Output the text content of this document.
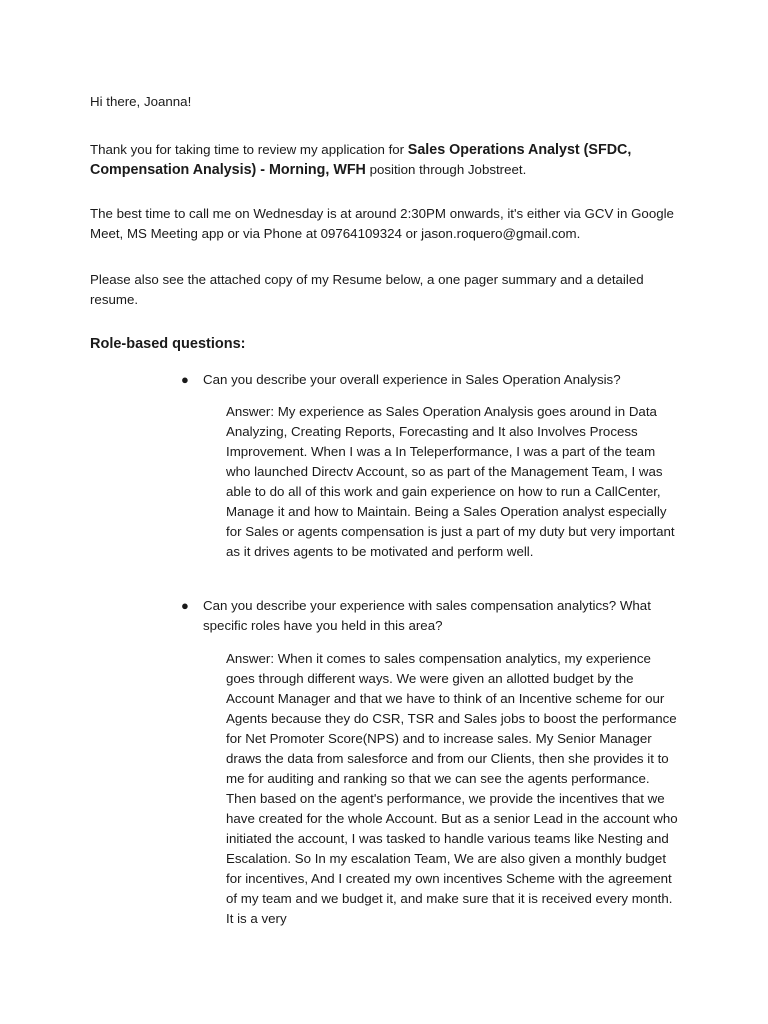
Hi there, Joanna!

Thank you for taking time to review my application for Sales Operations Analyst (SFDC, Compensation Analysis) - Morning, WFH position through Jobstreet.

The best time to call me on Wednesday is at around 2:30PM onwards, it's either via GCV in Google Meet, MS Meeting app or via Phone at 09764109324 or jason.roquero@gmail.com.

Please also see the attached copy of my Resume below, a one pager summary and a detailed resume.

Role-based questions:

● Can you describe your overall experience in Sales Operation Analysis?

Answer: My experience as Sales Operation Analysis goes around in Data Analyzing, Creating Reports, Forecasting and It also Involves Process Improvement. When I was a In Teleperformance, I was a part of the team who launched Directv Account, so as part of the Management Team, I was able to do all of this work and gain experience on how to run a CallCenter, Manage it and how to Maintain. Being a Sales Operation analyst especially for Sales or agents compensation is just a part of my duty but very important as it drives agents to be motivated and perform well.

● Can you describe your experience with sales compensation analytics? What specific roles have you held in this area?

Answer: When it comes to sales compensation analytics, my experience goes through different ways. We were given an allotted budget by the Account Manager and that we have to think of an Incentive scheme for our Agents because they do CSR, TSR and Sales jobs to boost the performance for Net Promoter Score(NPS) and to increase sales. My Senior Manager draws the data from salesforce and from our Clients, then she provides it to me for auditing and ranking so that we can see the agents performance. Then based on the agent's performance, we provide the incentives that we have created for the whole Account. But as a senior Lead in the account who initiated the account, I was tasked to handle various teams like Nesting and Escalation. So In my escalation Team, We are also given a monthly budget for incentives, And I created my own incentives Scheme with the agreement of my team and we budget it, and make sure that it is received every month. It is a very
